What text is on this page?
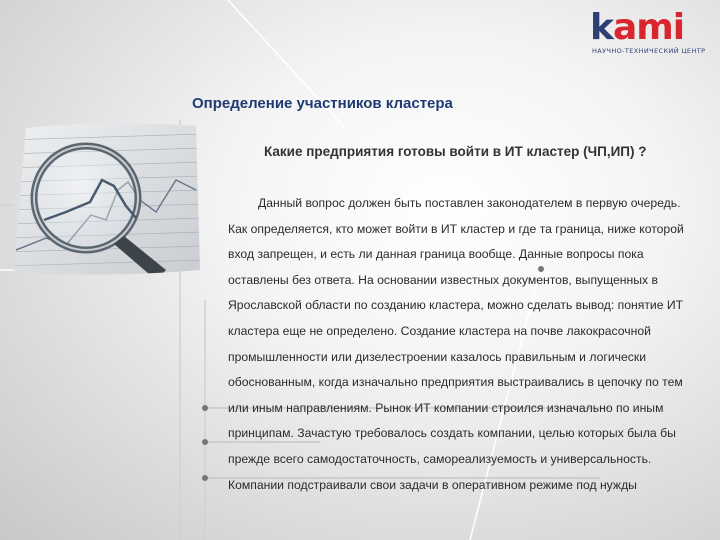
kami
НАУЧНО-ТЕХНИЧЕСКИЙ ЦЕНТР
Определение участников кластера
Какие предприятия готовы войти в ИТ кластер (ЧП,ИП) ?
Данный вопрос должен быть поставлен законодателем в первую очередь. Как определяется, кто может войти в ИТ кластер и где та граница, ниже которой вход запрещен, и есть ли данная граница вообще. Данные вопросы пока оставлены без ответа. На основании известных документов, выпущенных в Ярославской области по созданию кластера, можно сделать вывод: понятие ИТ кластера еще не определено. Создание кластера на почве лакокрасочной промышленности или дизелестроении казалось правильным и логически обоснованным, когда изначально предприятия выстраивались в цепочку по тем или иным направлениям. Рынок ИТ компании строился изначально по иным принципам. Зачастую требовалось создать компании, целью которых была бы прежде всего самодостаточность, самореализуемость и универсальность. Компании подстраивали свои задачи в оперативном режиме под нужды
